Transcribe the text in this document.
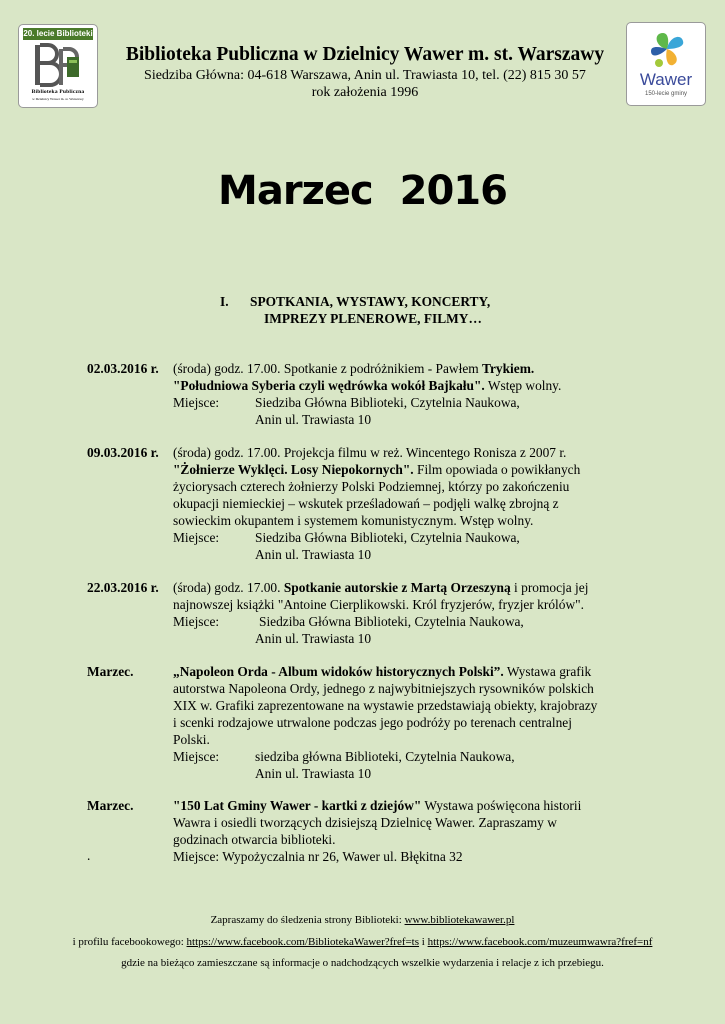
20. lecie Biblioteki
Biblioteka Publiczna
w Dzielnicy Wawer m. st. Warszawy
Biblioteka Publiczna w Dzielnicy Wawer m. st. Warszawy
Siedziba Główna: 04-618 Warszawa, Anin ul. Trawiasta 10, tel. (22) 815 30 57
rok założenia 1996
Wawer
150-lecie gminy
Marzec 2016
I.	SPOTKANIA, WYSTAWY, KONCERTY,
IMPREZY PLENEROWE, FILMY…
02.03.2016 r.	(środa) godz. 17.00. Spotkanie z podróżnikiem - Pawłem Trykiem.
"Południowa Syberia czyli wędrówka wokół Bajkału". Wstęp wolny.
Miejsce:	Siedziba Główna Biblioteki, Czytelnia Naukowa,
Anin ul. Trawiasta 10
09.03.2016 r.	(środa) godz. 17.00. Projekcja filmu w reż. Wincentego Ronisza z 2007 r.
"Żołnierze Wyklęci. Losy Niepokornych". Film opowiada o powikłanych
życiorysach czterech żołnierzy Polski Podziemnej, którzy po zakończeniu
okupacji niemieckiej – wskutek prześladowań – podjęli walkę zbrojną z
sowieckim okupantem i systemem komunistycznym. Wstęp wolny.
Miejsce:	Siedziba Główna Biblioteki, Czytelnia Naukowa,
Anin ul. Trawiasta 10
22.03.2016 r.	(środa) godz. 17.00. Spotkanie autorskie z Martą Orzeszyną i promocja jej
najnowszej książki "Antoine Cierplikowski. Król fryzjerów, fryzjer królów".
Miejsce:	Siedziba Główna Biblioteki, Czytelnia Naukowa,
Anin ul. Trawiasta 10
Marzec.	„Napoleon Orda - Album widoków historycznych Polski”. Wystawa grafik
autorstwa Napoleona Ordy, jednego z najwybitniejszych rysowników polskich
XIX w. Grafiki zaprezentowane na wystawie przedstawiają obiekty, krajobrazy
i scenki rodzajowe utrwalone podczas jego podróży po terenach centralnej
Polski.
Miejsce:	siedziba główna Biblioteki, Czytelnia Naukowa,
Anin ul. Trawiasta 10
Marzec.	"150 Lat Gminy Wawer - kartki z dziejów" Wystawa poświęcona historii
Wawra i osiedli tworzących dzisiejszą Dzielnicę Wawer. Zapraszamy w
godzinach otwarcia biblioteki.
Miejsce: Wypożyczalnia nr 26, Wawer ul. Błękitna 32
.
Zapraszamy do śledzenia strony Biblioteki: www.bibliotekawawer.pl
i profilu facebookowego: https://www.facebook.com/BibliotekaWawer?fref=ts i https://www.facebook.com/muzeumwawra?fref=nf
gdzie na bieżąco zamieszczane są informacje o nadchodzących wszelkie wydarzenia i relacje z ich przebiegu.
